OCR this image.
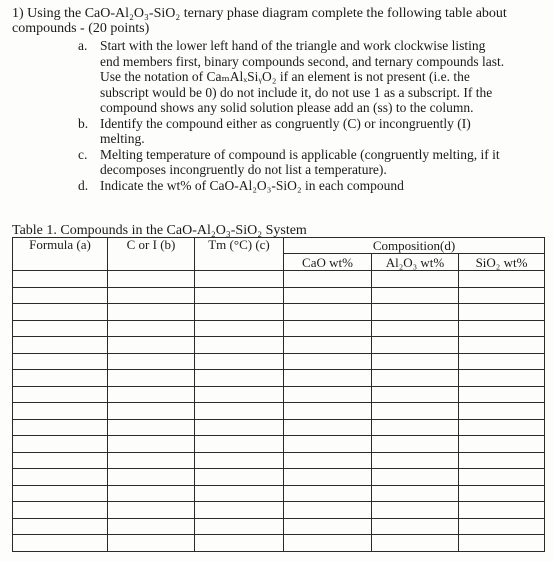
1) Using the CaO-Al₂O₃-SiO₂ ternary phase diagram complete the following table about
compounds - (20 points)
a. Start with the lower left hand of the triangle and work clockwise listing
end members first, binary compounds second, and ternary compounds last.
Use the notation of CaₘAlₓSiᵧO₂ if an element is not present (i.e. the
subscript would be 0) do not include it, do not use 1 as a subscript. If the
compound shows any solid solution please add an (ss) to the column.
b. Identify the compound either as congruently (C) or incongruently (I)
melting.
c. Melting temperature of compound is applicable (congruently melting, if it
decomposes incongruently do not list a temperature).
d. Indicate the wt% of CaO-Al₂O₃-SiO₂ in each compound
Table 1. Compounds in the CaO-Al₂O₃-SiO₂ System
Formula (a)	C or I (b)	Tm (°C) (c)	Composition(d)		
			CaO wt%	Al₂O₃ wt%	SiO₂ wt%
